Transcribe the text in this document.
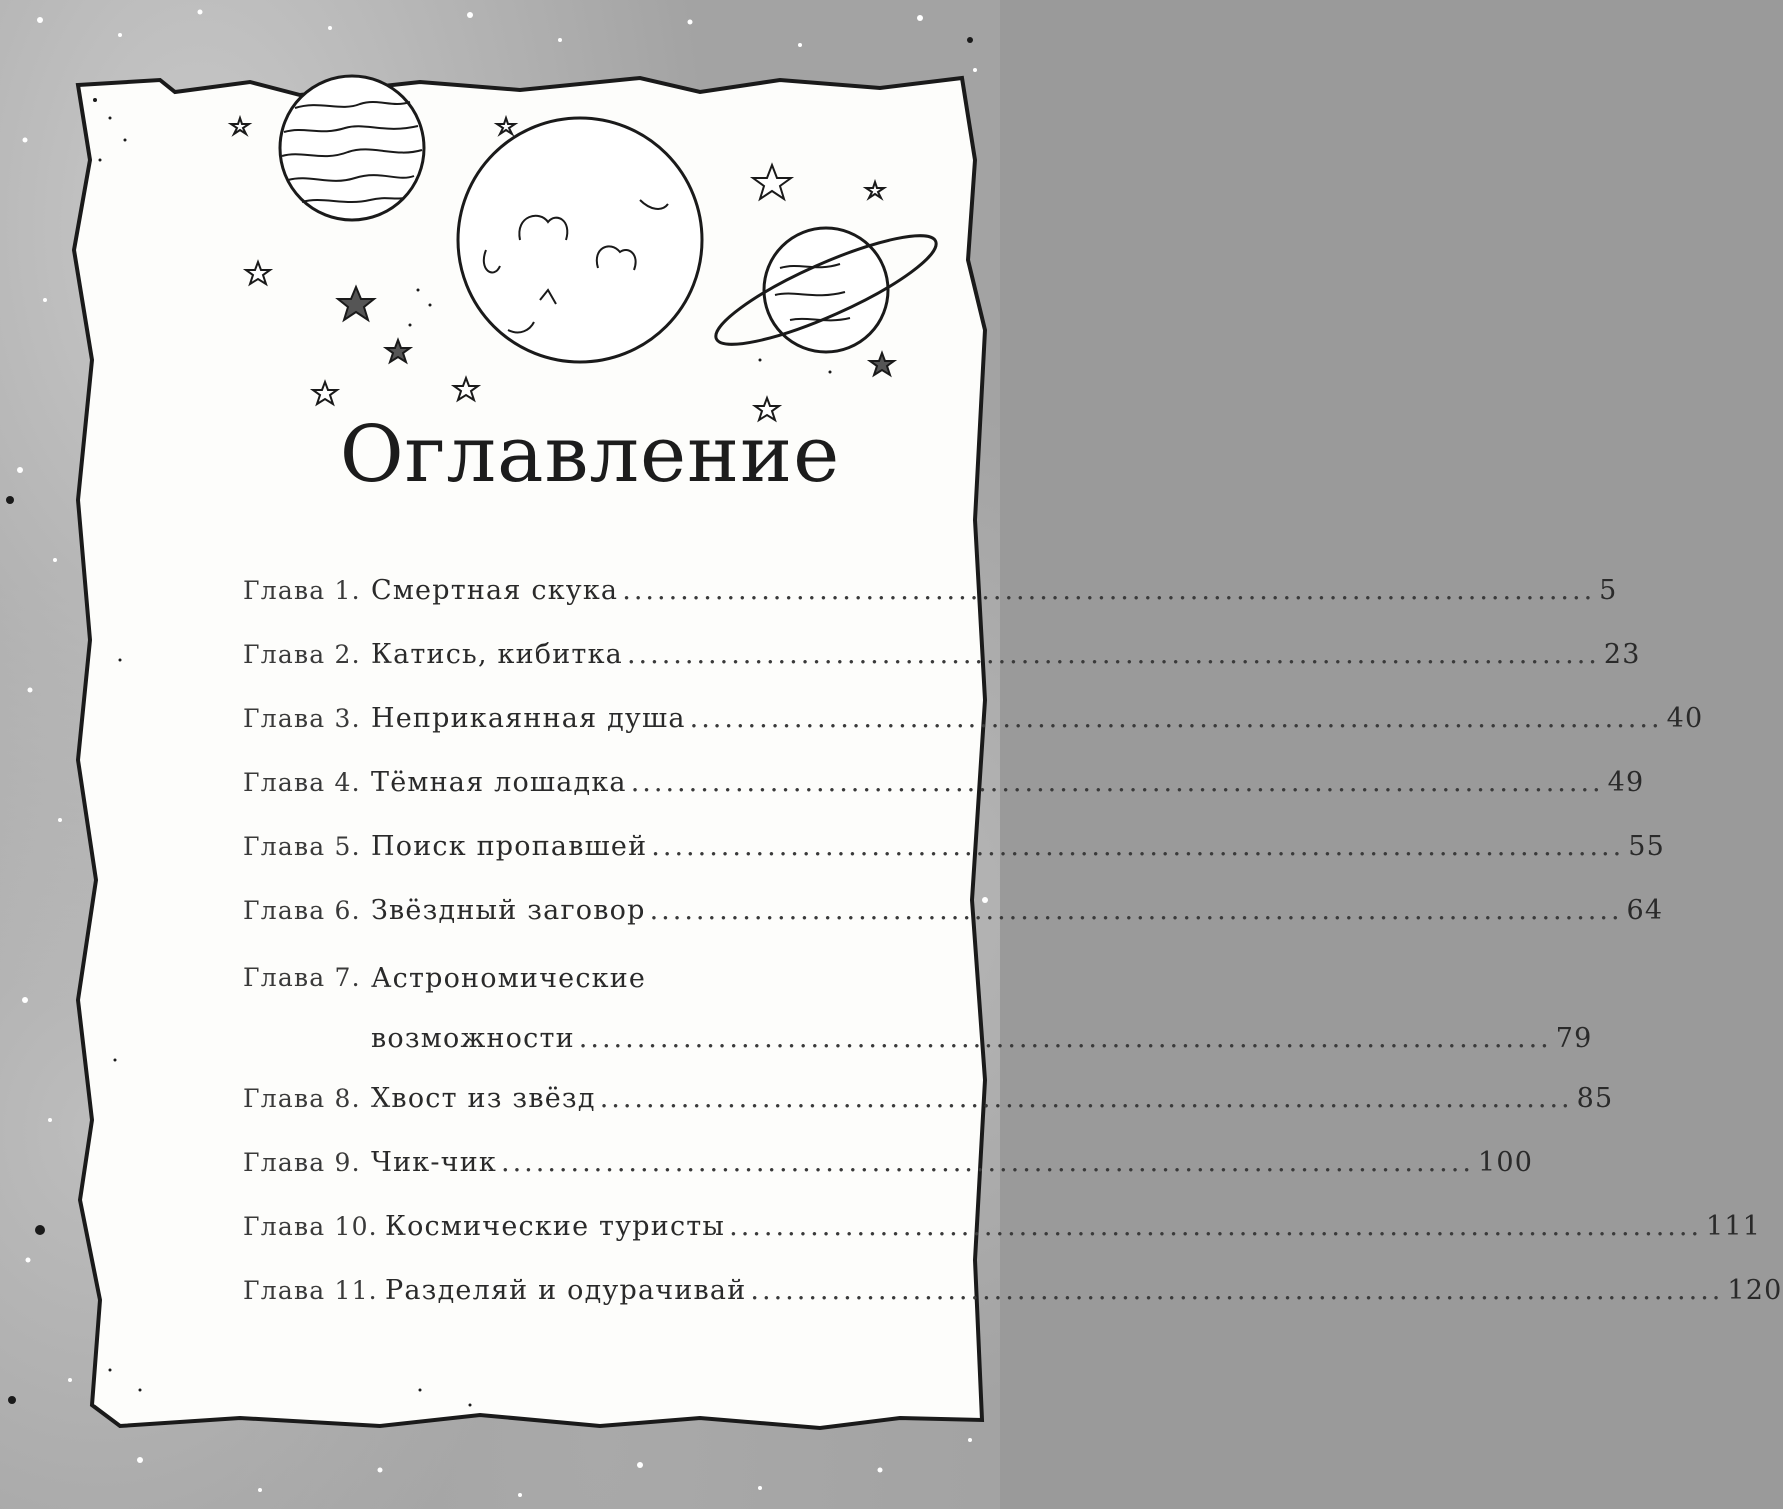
Оглавление
Глава 1. Смертная скука .....	5
Глава 2. Катись, кибитка .....	23
Глава 3. Неприкаянная душа .....	40
Глава 4. Тёмная лошадка .....	49
Глава 5. Поиск пропавшей .....	55
Глава 6. Звёздный заговор .....	64
Глава 7. Астрономические
возможности .....	79
Глава 8. Хвост из звёзд .....	85
Глава 9. Чик-чик .....	100
Глава 10. Космические туристы .....	111
Глава 11. Разделяй и одурачивай .....	120
